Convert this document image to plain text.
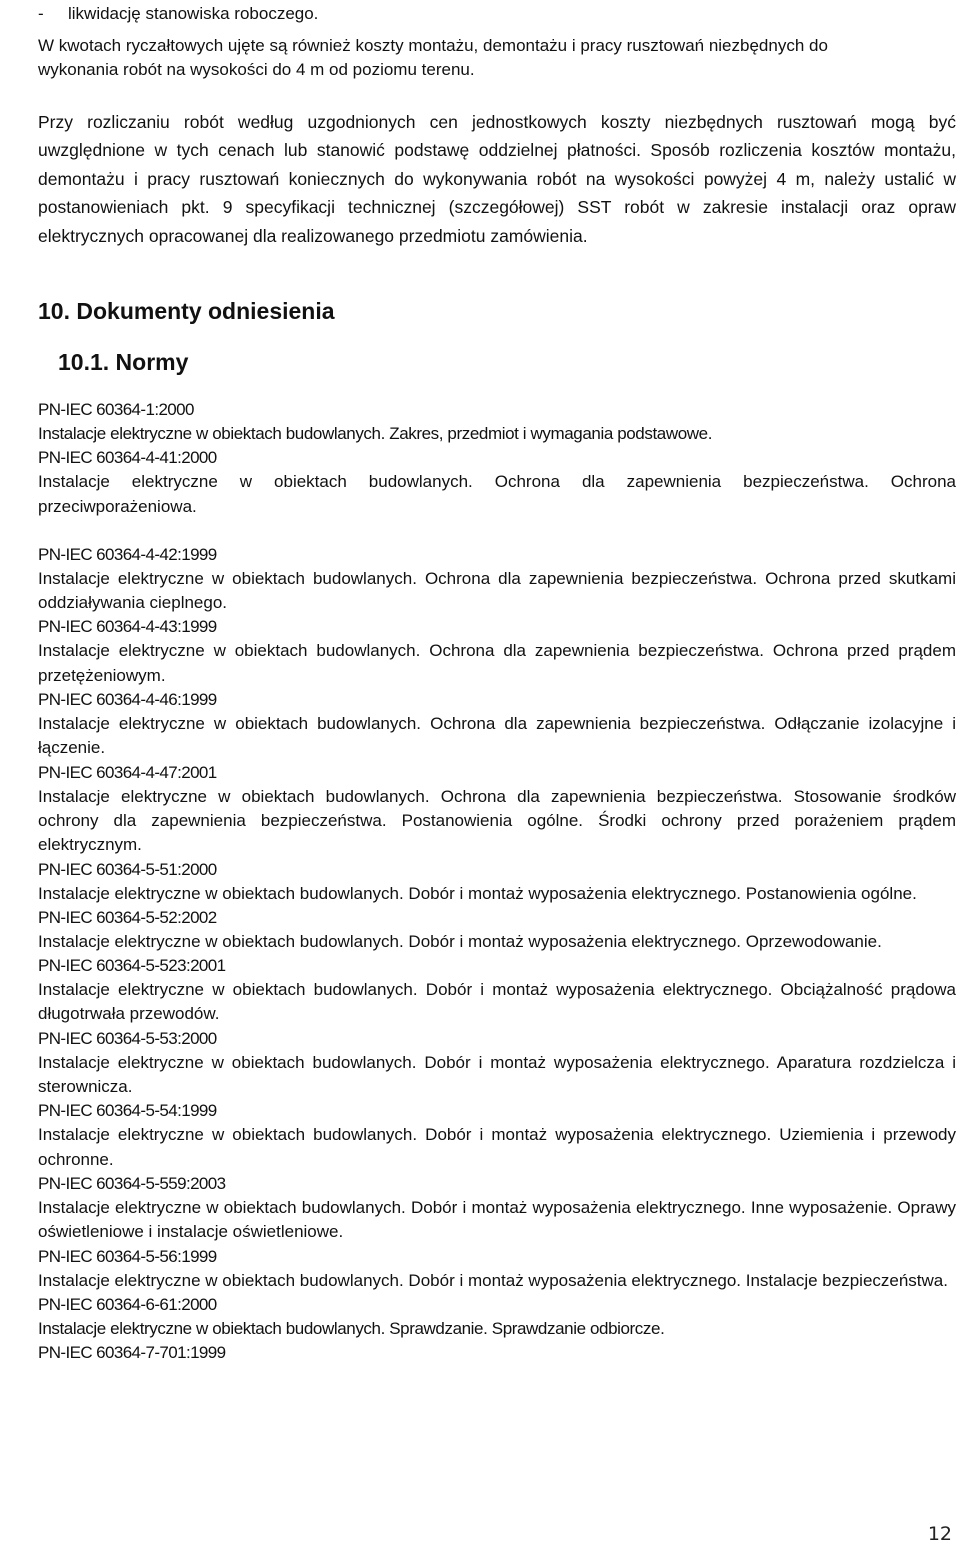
- likwidację stanowiska roboczego.
W kwotach ryczałtowych ujęte są również koszty montażu, demontażu i pracy rusztowań niezbędnych do
wykonania robót na wysokości do 4 m od poziomu terenu.
Przy rozliczaniu robót według uzgodnionych cen jednostkowych koszty niezbędnych rusztowań mogą być uwzględnione w tych cenach lub stanowić podstawę oddzielnej płatności. Sposób rozliczenia kosztów montażu, demontażu i pracy rusztowań koniecznych do wykonywania robót na wysokości powyżej 4 m, należy ustalić w postanowieniach pkt. 9 specyfikacji technicznej (szczegółowej) SST robót w zakresie instalacji oraz opraw elektrycznych opracowanej dla realizowanego przedmiotu zamówienia.
10. Dokumenty odniesienia
10.1. Normy
PN-IEC 60364-1:2000
Instalacje elektryczne w obiektach budowlanych. Zakres, przedmiot i wymagania podstawowe.
PN-IEC 60364-4-41:2000
Instalacje elektryczne w obiektach budowlanych. Ochrona dla zapewnienia bezpieczeństwa. Ochrona przeciwporażeniowa.
PN-IEC 60364-4-42:1999
Instalacje elektryczne w obiektach budowlanych. Ochrona dla zapewnienia bezpieczeństwa. Ochrona przed skutkami oddziaływania cieplnego.
PN-IEC 60364-4-43:1999
Instalacje elektryczne w obiektach budowlanych. Ochrona dla zapewnienia bezpieczeństwa. Ochrona przed prądem przetężeniowym.
PN-IEC 60364-4-46:1999
Instalacje elektryczne w obiektach budowlanych. Ochrona dla zapewnienia bezpieczeństwa. Odłączanie izolacyjne i łączenie.
PN-IEC 60364-4-47:2001
Instalacje elektryczne w obiektach budowlanych. Ochrona dla zapewnienia bezpieczeństwa. Stosowanie środków ochrony dla zapewnienia bezpieczeństwa. Postanowienia ogólne. Środki ochrony przed porażeniem prądem elektrycznym.
PN-IEC 60364-5-51:2000
Instalacje elektryczne w obiektach budowlanych. Dobór i montaż wyposażenia elektrycznego. Postanowienia ogólne.
PN-IEC 60364-5-52:2002
Instalacje elektryczne w obiektach budowlanych. Dobór i montaż wyposażenia elektrycznego. Oprzewodowanie.
PN-IEC 60364-5-523:2001
Instalacje elektryczne w obiektach budowlanych. Dobór i montaż wyposażenia elektrycznego. Obciążalność prądowa długotrwała przewodów.
PN-IEC 60364-5-53:2000
Instalacje elektryczne w obiektach budowlanych. Dobór i montaż wyposażenia elektrycznego. Aparatura rozdzielcza i sterownicza.
PN-IEC 60364-5-54:1999
Instalacje elektryczne w obiektach budowlanych. Dobór i montaż wyposażenia elektrycznego. Uziemienia i przewody ochronne.
PN-IEC 60364-5-559:2003
Instalacje elektryczne w obiektach budowlanych. Dobór i montaż wyposażenia elektrycznego. Inne wyposażenie. Oprawy oświetleniowe i instalacje oświetleniowe.
PN-IEC 60364-5-56:1999
Instalacje elektryczne w obiektach budowlanych. Dobór i montaż wyposażenia elektrycznego. Instalacje bezpieczeństwa.
PN-IEC 60364-6-61:2000
Instalacje elektryczne w obiektach budowlanych. Sprawdzanie. Sprawdzanie odbiorcze.
PN-IEC 60364-7-701:1999
12
